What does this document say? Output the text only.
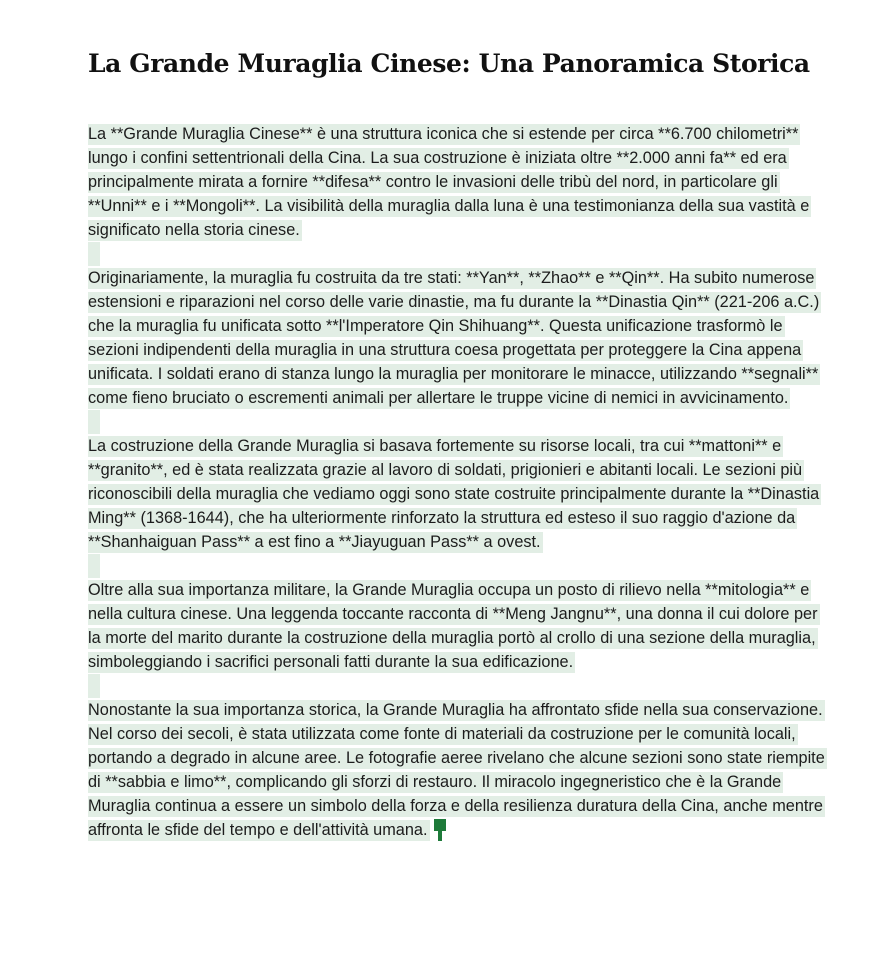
La Grande Muraglia Cinese: Una Panoramica Storica

La **Grande Muraglia Cinese** è una struttura iconica che si estende per circa **6.700 chilometri** lungo i confini settentrionali della Cina. La sua costruzione è iniziata oltre **2.000 anni fa** ed era principalmente mirata a fornire **difesa** contro le invasioni delle tribù del nord, in particolare gli **Unni** e i **Mongoli**. La visibilità della muraglia dalla luna è una testimonianza della sua vastità e significato nella storia cinese.

Originariamente, la muraglia fu costruita da tre stati: **Yan**, **Zhao** e **Qin**. Ha subito numerose estensioni e riparazioni nel corso delle varie dinastie, ma fu durante la **Dinastia Qin** (221-206 a.C.) che la muraglia fu unificata sotto **l'Imperatore Qin Shihuang**. Questa unificazione trasformò le sezioni indipendenti della muraglia in una struttura coesa progettata per proteggere la Cina appena unificata. I soldati erano di stanza lungo la muraglia per monitorare le minacce, utilizzando **segnali** come fieno bruciato o escrementi animali per allertare le truppe vicine di nemici in avvicinamento.

La costruzione della Grande Muraglia si basava fortemente su risorse locali, tra cui **mattoni** e **granito**, ed è stata realizzata grazie al lavoro di soldati, prigionieri e abitanti locali. Le sezioni più riconoscibili della muraglia che vediamo oggi sono state costruite principalmente durante la **Dinastia Ming** (1368-1644), che ha ulteriormente rinforzato la struttura ed esteso il suo raggio d'azione da **Shanhaiguan Pass** a est fino a **Jiayuguan Pass** a ovest.

Oltre alla sua importanza militare, la Grande Muraglia occupa un posto di rilievo nella **mitologia** e nella cultura cinese. Una leggenda toccante racconta di **Meng Jangnu**, una donna il cui dolore per la morte del marito durante la costruzione della muraglia portò al crollo di una sezione della muraglia, simboleggiando i sacrifici personali fatti durante la sua edificazione.

Nonostante la sua importanza storica, la Grande Muraglia ha affrontato sfide nella sua conservazione. Nel corso dei secoli, è stata utilizzata come fonte di materiali da costruzione per le comunità locali, portando a degrado in alcune aree. Le fotografie aeree rivelano che alcune sezioni sono state riempite di **sabbia e limo**, complicando gli sforzi di restauro. Il miracolo ingegneristico che è la Grande Muraglia continua a essere un simbolo della forza e della resilienza duratura della Cina, anche mentre affronta le sfide del tempo e dell'attività umana.
